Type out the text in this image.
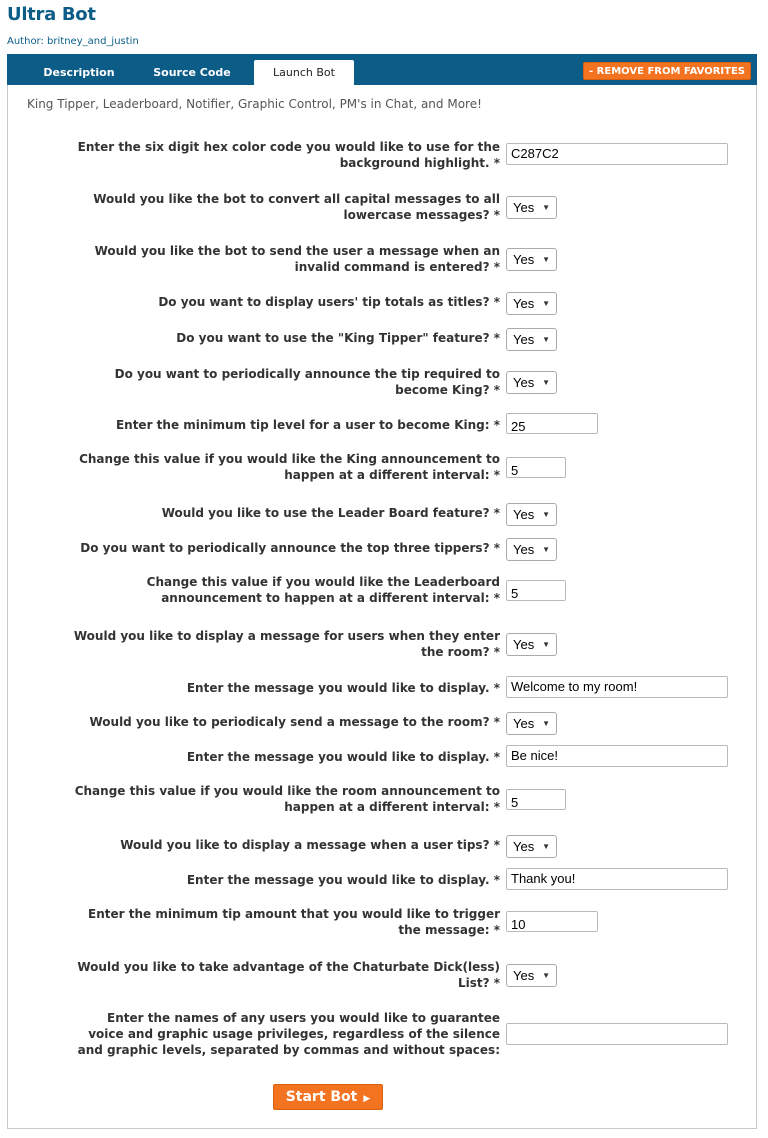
Ultra Bot
Author: britney_and_justin
Description	Source Code	Launch Bot	- REMOVE FROM FAVORITES
King Tipper, Leaderboard, Notifier, Graphic Control, PM's in Chat, and More!
Enter the six digit hex color code you would like to use for the background highlight. *
C287C2
Would you like the bot to convert all capital messages to all lowercase messages? * Yes ▼
Would you like the bot to send the user a message when an invalid command is entered? * Yes ▼
Do you want to display users' tip totals as titles? * Yes ▼
Do you want to use the "King Tipper" feature? * Yes ▼
Do you want to periodically announce the tip required to become King? * Yes ▼
Enter the minimum tip level for a user to become King: * 25
Change this value if you would like the King announcement to happen at a different interval: * 5
Would you like to use the Leader Board feature? * Yes ▼
Do you want to periodically announce the top three tippers? * Yes ▼
Change this value if you would like the Leaderboard announcement to happen at a different interval: * 5
Would you like to display a message for users when they enter the room? * Yes ▼
Enter the message you would like to display. * Welcome to my room!
Would you like to periodicaly send a message to the room? * Yes ▼
Enter the message you would like to display. * Be nice!
Change this value if you would like the room announcement to happen at a different interval: * 5
Would you like to display a message when a user tips? * Yes ▼
Enter the message you would like to display. * Thank you!
Enter the minimum tip amount that you would like to trigger the message: * 10
Would you like to take advantage of the Chaturbate Dick(less) List? * Yes ▼
Enter the names of any users you would like to guarantee voice and graphic usage privileges, regardless of the silence and graphic levels, separated by commas and without spaces:
Start Bot ▶
